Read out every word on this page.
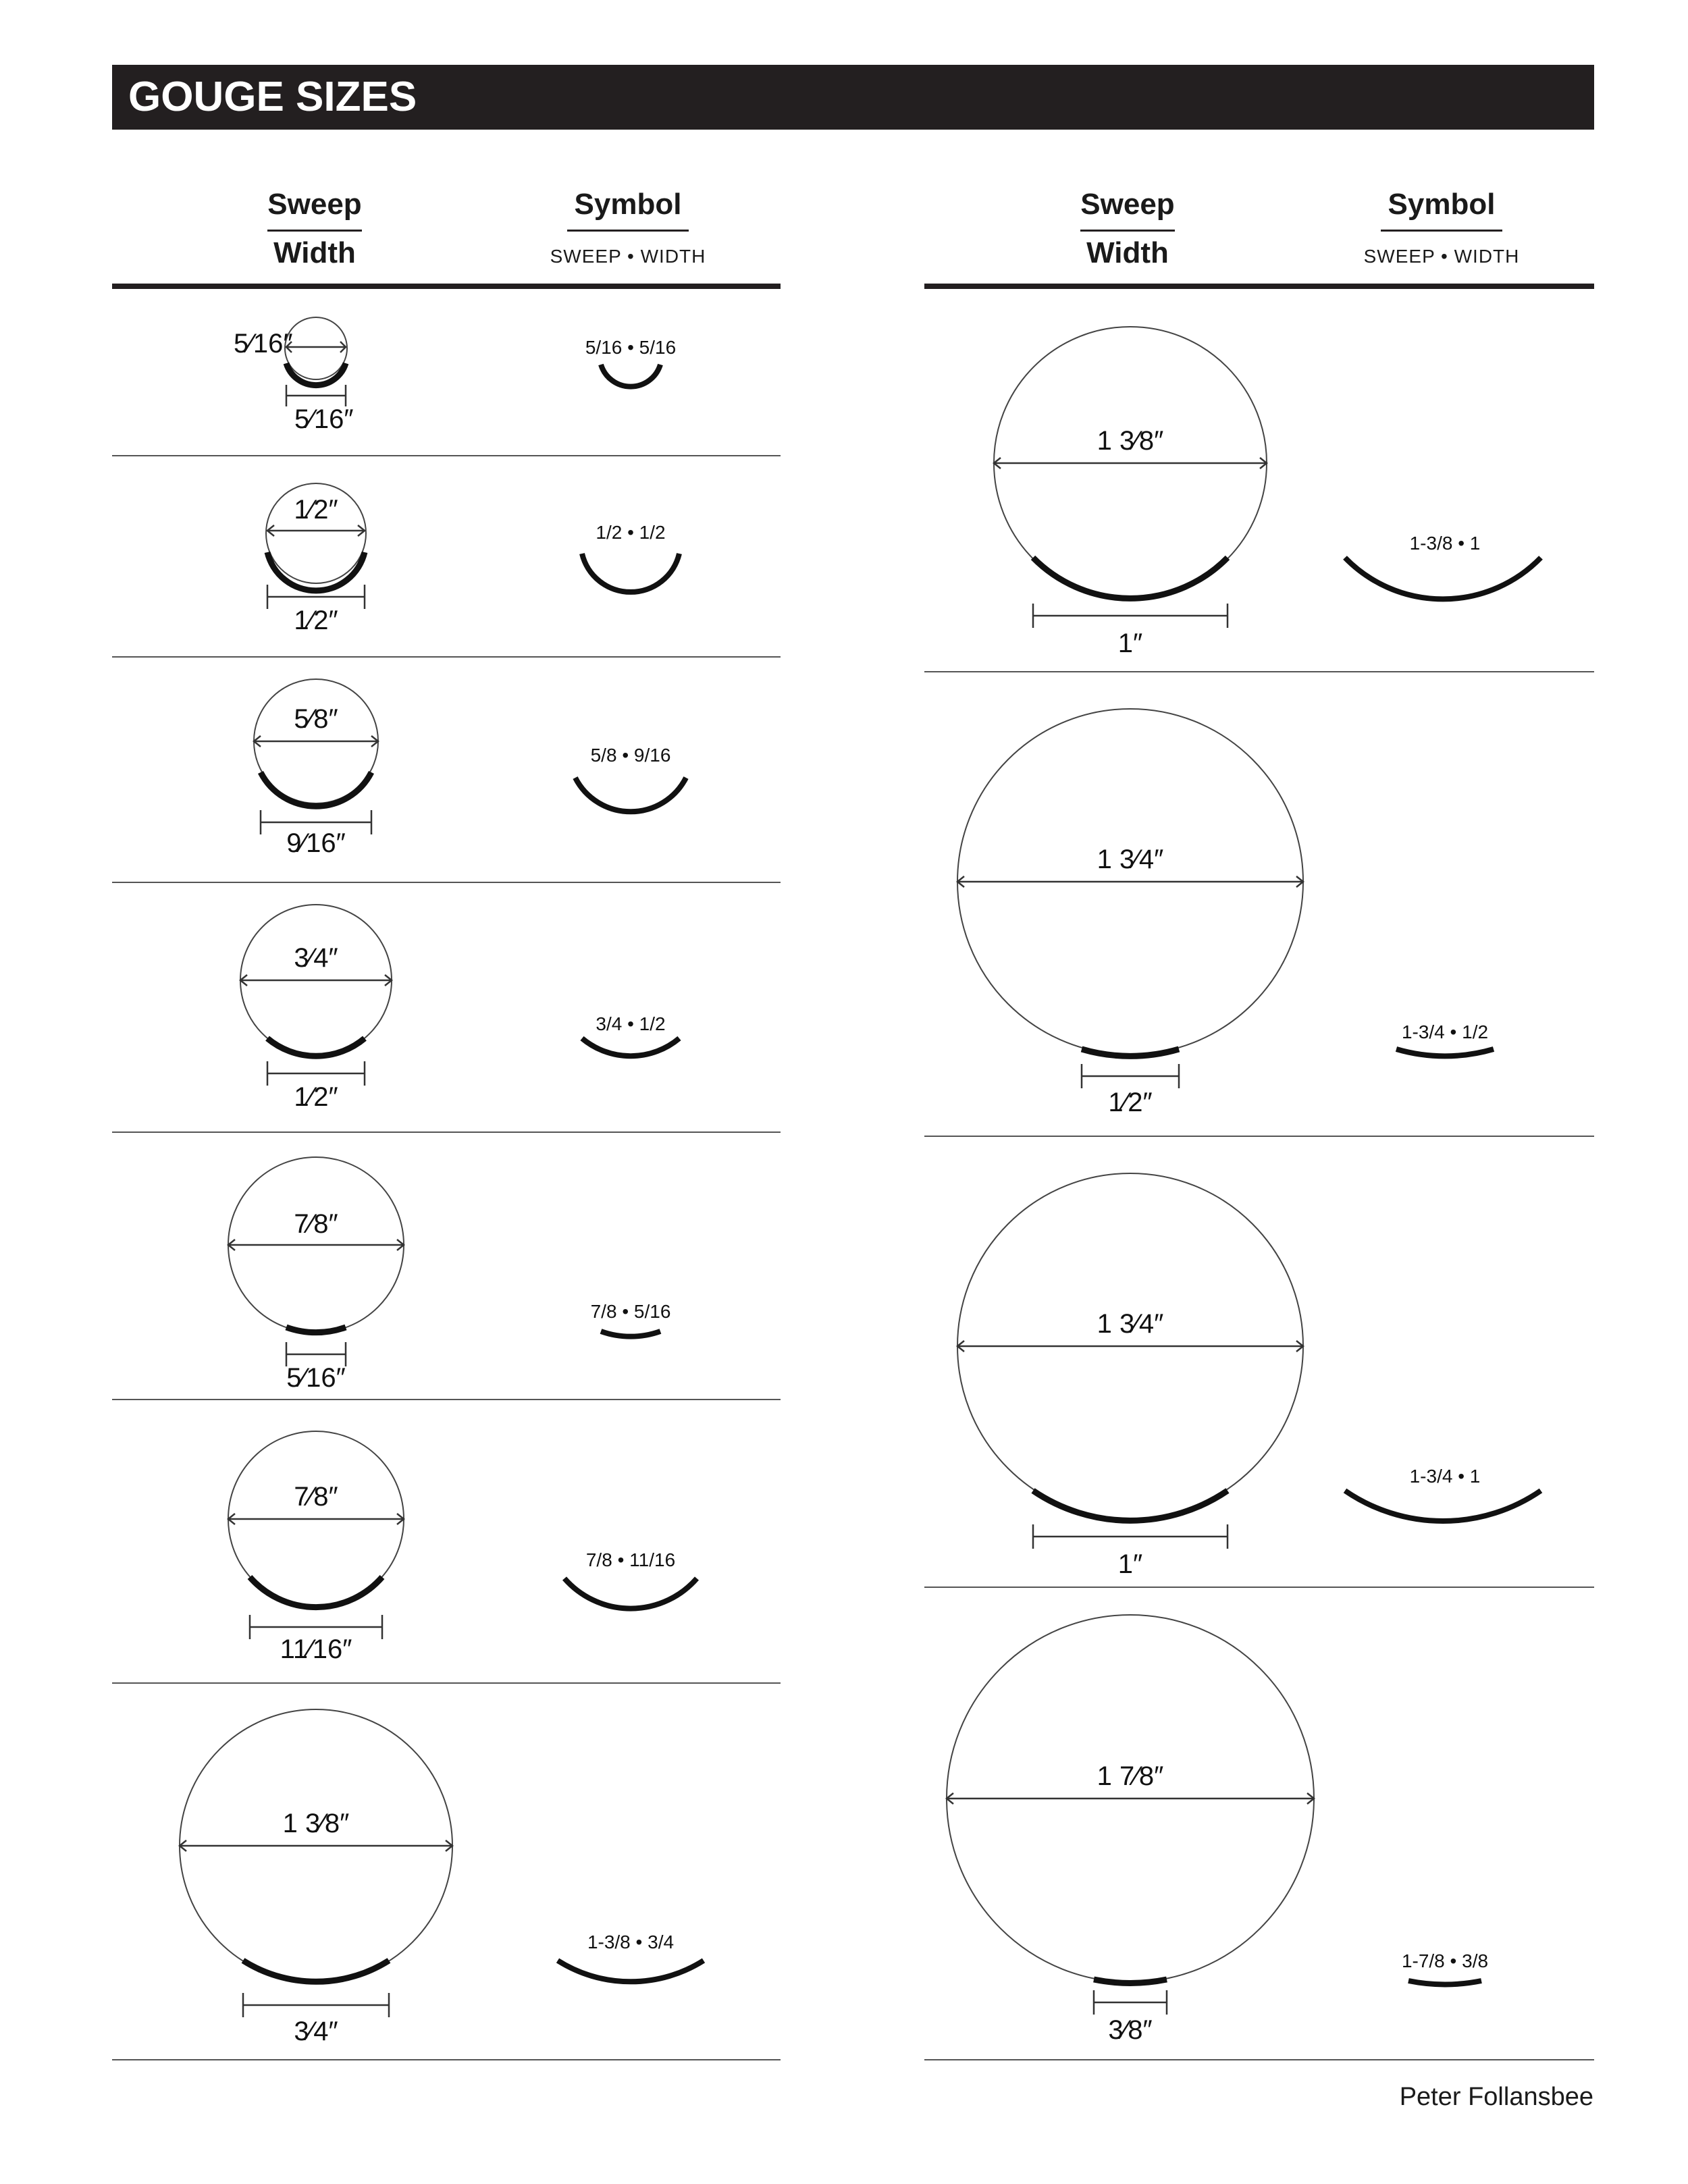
GOUGE SIZES
Sweep
Width
Symbol
SWEEP • WIDTH
Sweep
Width
Symbol
SWEEP • WIDTH
5⁄16″
5⁄16″
5/16 • 5/16
1⁄2″
1⁄2″
1/2 • 1/2
5⁄8″
9⁄16″
5/8 • 9/16
3⁄4″
1⁄2″
3/4 • 1/2
7⁄8″
5⁄16″
7/8 • 5/16
7⁄8″
11⁄16″
7/8 • 11/16
1 3⁄8″
3⁄4″
1-3/8 • 3/4
1 3⁄8″
1″
1-3/8 • 1
1 3⁄4″
1⁄2″
1-3/4 • 1/2
1 3⁄4″
1″
1-3/4 • 1
1 7⁄8″
3⁄8″
1-7/8 • 3/8
Peter Follansbee
